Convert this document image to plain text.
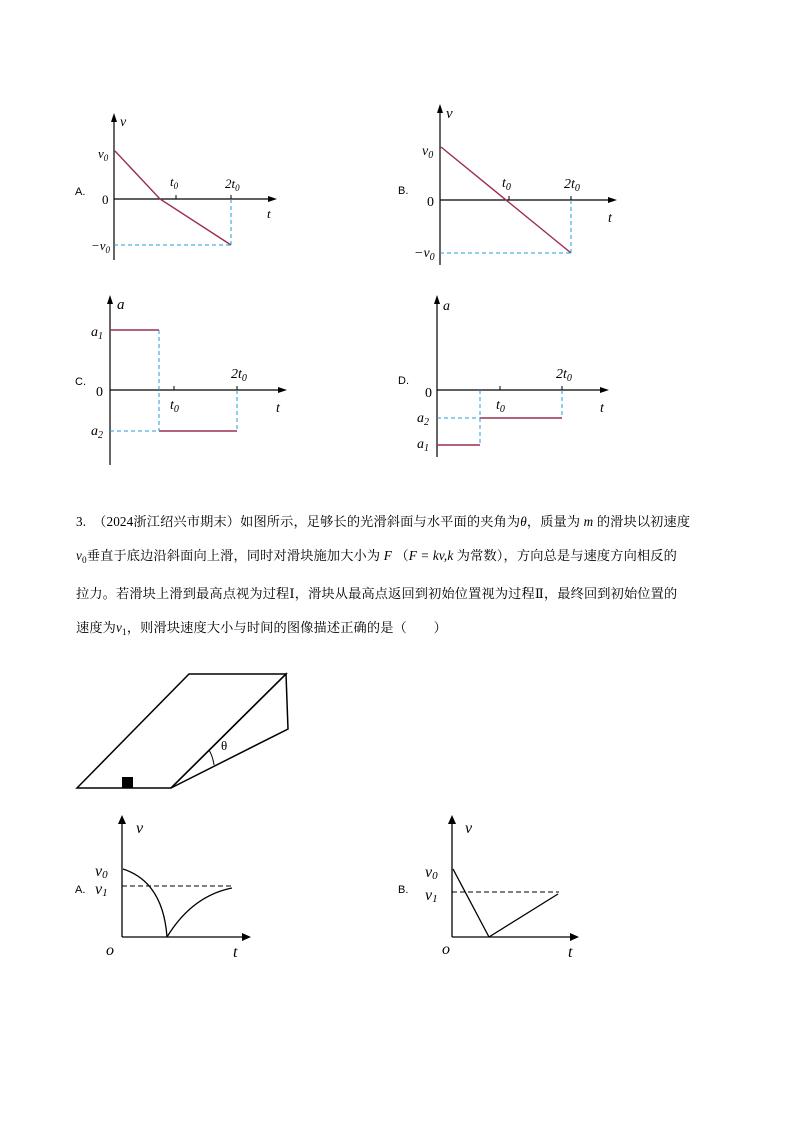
A.	B.
C.	D.
v
$v_0$
0
$-v_0$
$t_0$	$2t_0$
t
v
$v_0$
0
$-v_0$
$t_0$	$2t_0$
t
a
$a_1$
0
$a_2$
$t_0$
$2t_0$
t
a
0
$a_2$
$a_1$
$t_0$
$2t_0$
t

3. （2024浙江绍兴市期末）如图所示，足够长的光滑斜面与水平面的夹角为θ，质量为 m 的滑块以初速度

$v_0$垂直于底边沿斜面向上滑，同时对滑块施加大小为 F （F = kv,k 为常数），方向总是与速度方向相反的

拉力。若滑块上滑到最高点视为过程Ⅰ，滑块从最高点返回到初始位置视为过程Ⅱ，最终回到初始位置的

速度为$v_1$，则滑块速度大小与时间的图像描述正确的是（　　）

θ
A.	B.
v
v0
v1
o	t
v
v0
v1
o	t
